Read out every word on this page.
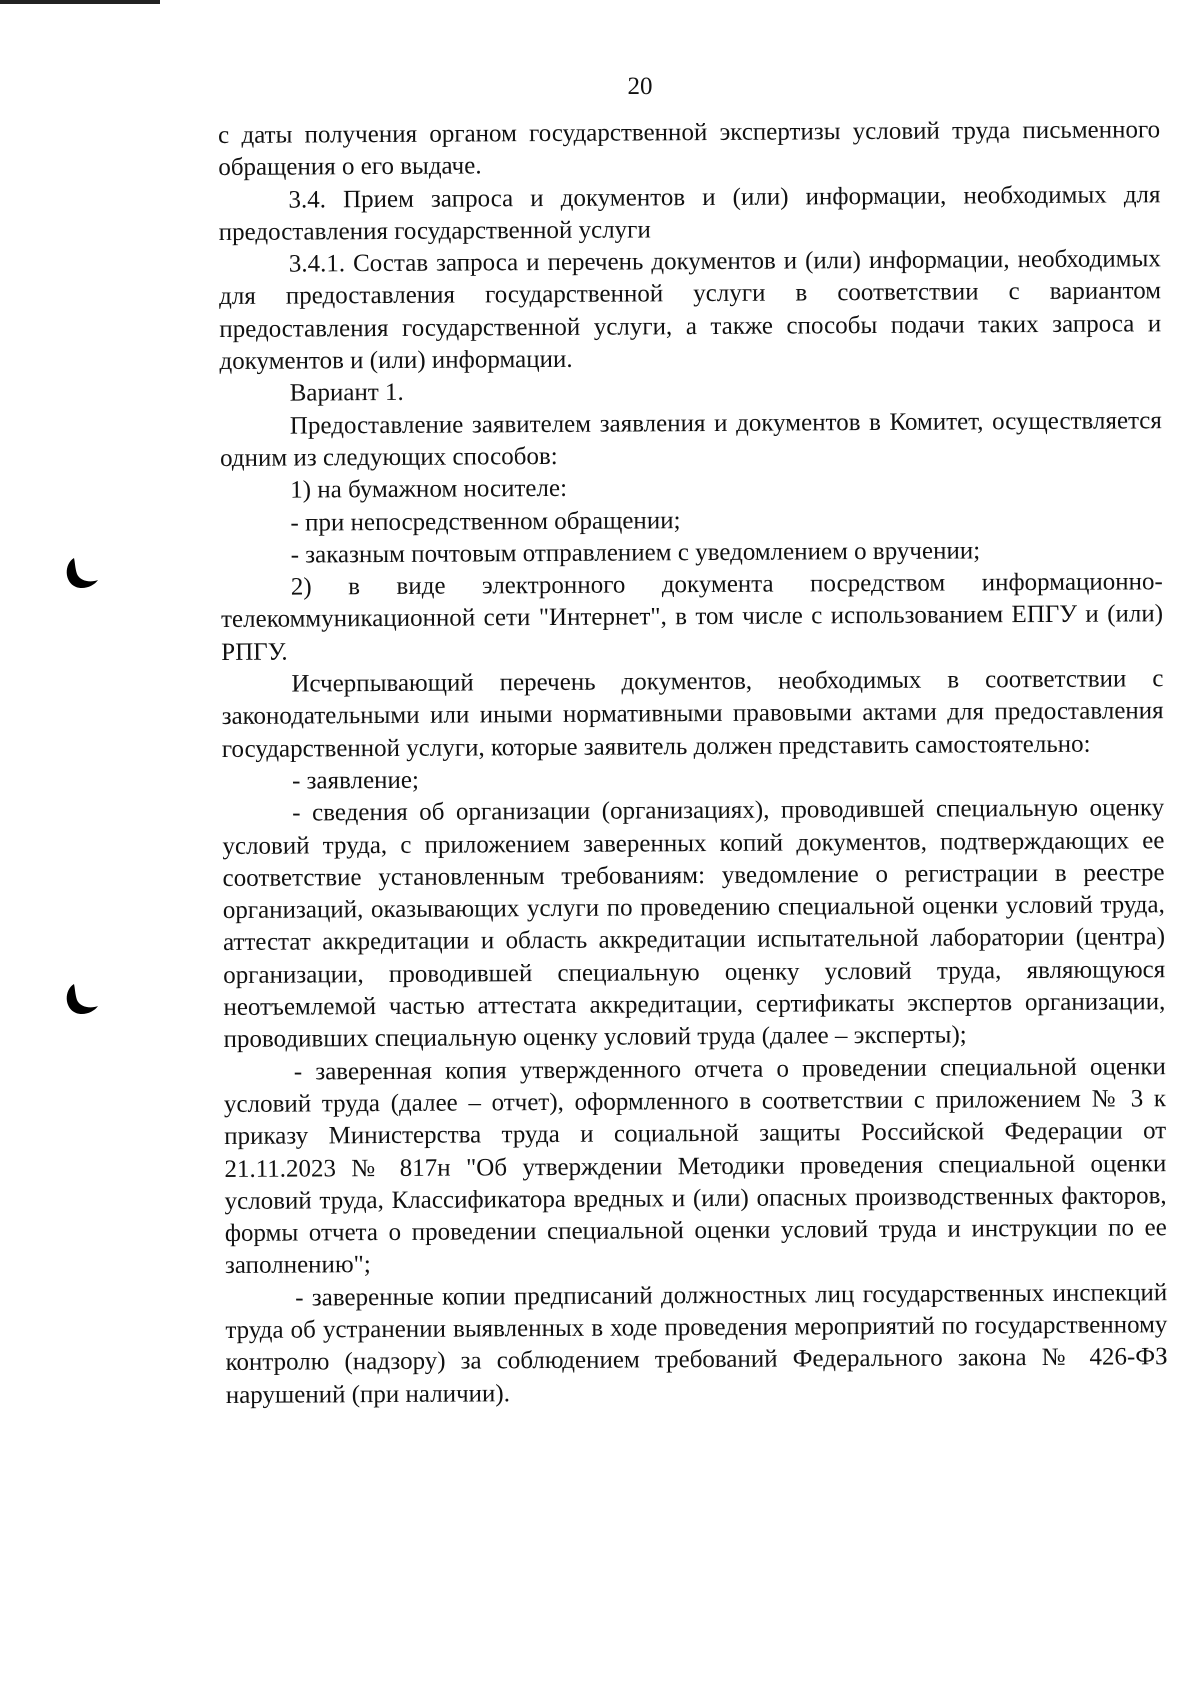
20

с даты получения органом государственной экспертизы условий труда письменного обращения о его выдаче.

3.4. Прием запроса и документов и (или) информации, необходимых для предоставления государственной услуги

3.4.1. Состав запроса и перечень документов и (или) информации, необходимых для предоставления государственной услуги в соответствии с вариантом предоставления государственной услуги, а также способы подачи таких запроса и документов и (или) информации.

Вариант 1.

Предоставление заявителем заявления и документов в Комитет, осуществляется одним из следующих способов:

1) на бумажном носителе:

- при непосредственном обращении;

- заказным почтовым отправлением с уведомлением о вручении;

2) в виде электронного документа посредством информационно-телекоммуникационной сети "Интернет", в том числе с использованием ЕПГУ и (или) РПГУ.

Исчерпывающий перечень документов, необходимых в соответствии с законодательными или иными нормативными правовыми актами для предоставления государственной услуги, которые заявитель должен представить самостоятельно:

- заявление;

- сведения об организации (организациях), проводившей специальную оценку условий труда, с приложением заверенных копий документов, подтверждающих ее соответствие установленным требованиям: уведомление о регистрации в реестре организаций, оказывающих услуги по проведению специальной оценки условий труда, аттестат аккредитации и область аккредитации испытательной лаборатории (центра) организации, проводившей специальную оценку условий труда, являющуюся неотъемлемой частью аттестата аккредитации, сертификаты экспертов организации, проводивших специальную оценку условий труда (далее – эксперты);

- заверенная копия утвержденного отчета о проведении специальной оценки условий труда (далее – отчет), оформленного в соответствии с приложением № 3 к приказу Министерства труда и социальной защиты Российской Федерации от 21.11.2023 № 817н "Об утверждении Методики проведения специальной оценки условий труда, Классификатора вредных и (или) опасных производственных факторов, формы отчета о проведении специальной оценки условий труда и инструкции по ее заполнению";

- заверенные копии предписаний должностных лиц государственных инспекций труда об устранении выявленных в ходе проведения мероприятий по государственному контролю (надзору) за соблюдением требований Федерального закона № 426-ФЗ нарушений (при наличии).
